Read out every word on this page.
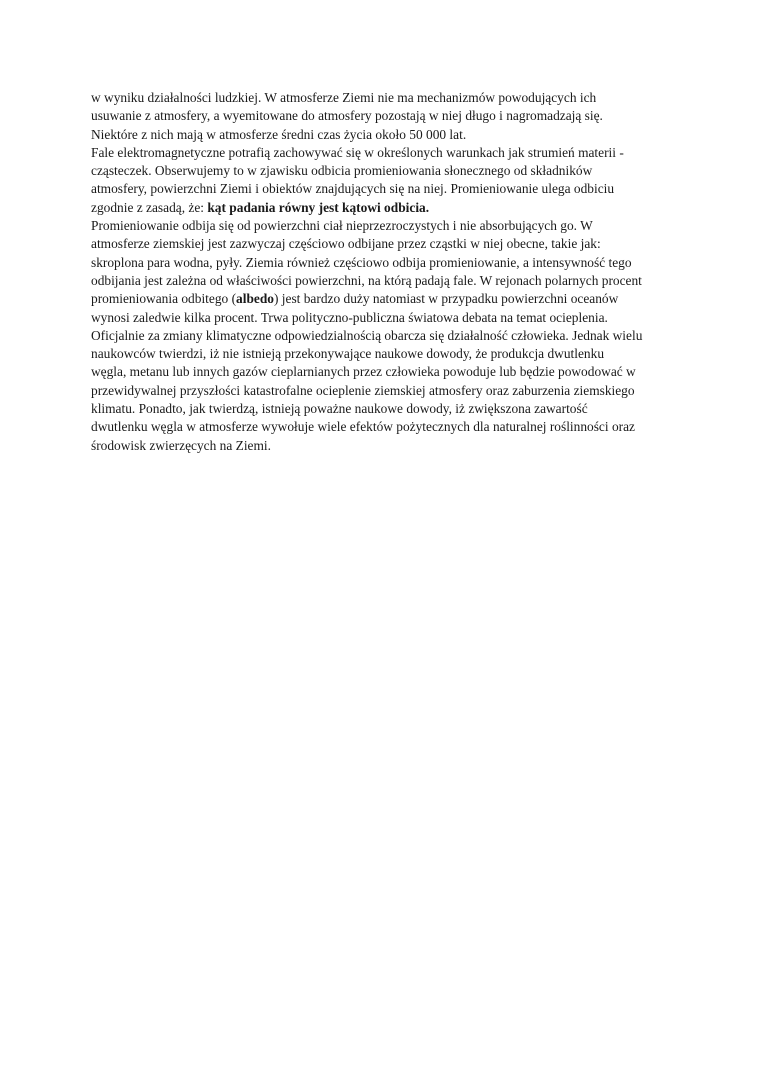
w wyniku działalności ludzkiej. W atmosferze Ziemi nie ma mechanizmów powodujących ich
usuwanie z atmosfery, a wyemitowane do atmosfery pozostają w niej długo i nagromadzają się.
Niektóre z nich mają w atmosferze średni czas życia około 50 000 lat.
Fale elektromagnetyczne potrafią zachowywać się w określonych warunkach jak strumień materii -
cząsteczek. Obserwujemy to w zjawisku odbicia promieniowania słonecznego od składników
atmosfery, powierzchni Ziemi i obiektów znajdujących się na niej. Promieniowanie ulega odbiciu
zgodnie z zasadą, że: kąt padania równy jest kątowi odbicia.
Promieniowanie odbija się od powierzchni ciał nieprzezroczystych i nie absorbujących go. W
atmosferze ziemskiej jest zazwyczaj częściowo odbijane przez cząstki w niej obecne, takie jak:
skroplona para wodna, pyły. Ziemia również częściowo odbija promieniowanie, a intensywność tego
odbijania jest zależna od właściwości powierzchni, na którą padają fale. W rejonach polarnych procent
promieniowania odbitego (albedo) jest bardzo duży natomiast w przypadku powierzchni oceanów
wynosi zaledwie kilka procent. Trwa polityczno-publiczna światowa debata na temat ocieplenia.
Oficjalnie za zmiany klimatyczne odpowiedzialnością obarcza się działalność człowieka. Jednak wielu
naukowców twierdzi, iż nie istnieją przekonywające naukowe dowody, że produkcja dwutlenku
węgla, metanu lub innych gazów cieplarnianych przez człowieka powoduje lub będzie powodować w
przewidywalnej przyszłości katastrofalne ocieplenie ziemskiej atmosfery oraz zaburzenia ziemskiego
klimatu. Ponadto, jak twierdzą, istnieją poważne naukowe dowody, iż zwiększona zawartość
dwutlenku węgla w atmosferze wywołuje wiele efektów pożytecznych dla naturalnej roślinności oraz
środowisk zwierzęcych na Ziemi.
